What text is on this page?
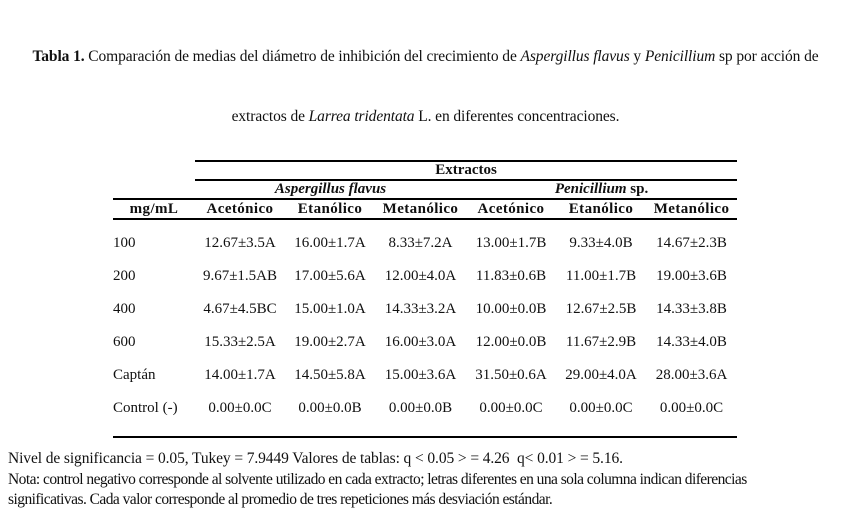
Tabla 1. Comparación de medias del diámetro de inhibición del crecimiento de Aspergillus flavus y Penicillium sp por acción de

extractos de Larrea tridentata L. en diferentes concentraciones.

	Extractos					
	Aspergillus flavus			Penicillium sp.		
mg/mL	Acetónico	Etanólico	Metanólico	Acetónico	Etanólico	Metanólico

100	12.67±3.5A	16.00±1.7A	8.33±7.2A	13.00±1.7B	9.33±4.0B	14.67±2.3B
200	9.67±1.5AB	17.00±5.6A	12.00±4.0A	11.83±0.6B	11.00±1.7B	19.00±3.6B
400	4.67±4.5BC	15.00±1.0A	14.33±3.2A	10.00±0.0B	12.67±2.5B	14.33±3.8B
600	15.33±2.5A	19.00±2.7A	16.00±3.0A	12.00±0.0B	11.67±2.9B	14.33±4.0B
Captán	14.00±1.7A	14.50±5.8A	15.00±3.6A	31.50±0.6A	29.00±4.0A	28.00±3.6A
Control (-)	0.00±0.0C	0.00±0.0B	0.00±0.0B	0.00±0.0C	0.00±0.0C	0.00±0.0C

Nivel de significancia = 0.05, Tukey = 7.9449 Valores de tablas: q < 0.05 > = 4.26  q< 0.01 > = 5.16.
Nota: control negativo corresponde al solvente utilizado en cada extracto; letras diferentes en una sola columna indican diferencias
significativas. Cada valor corresponde al promedio de tres repeticiones más desviación estándar.
